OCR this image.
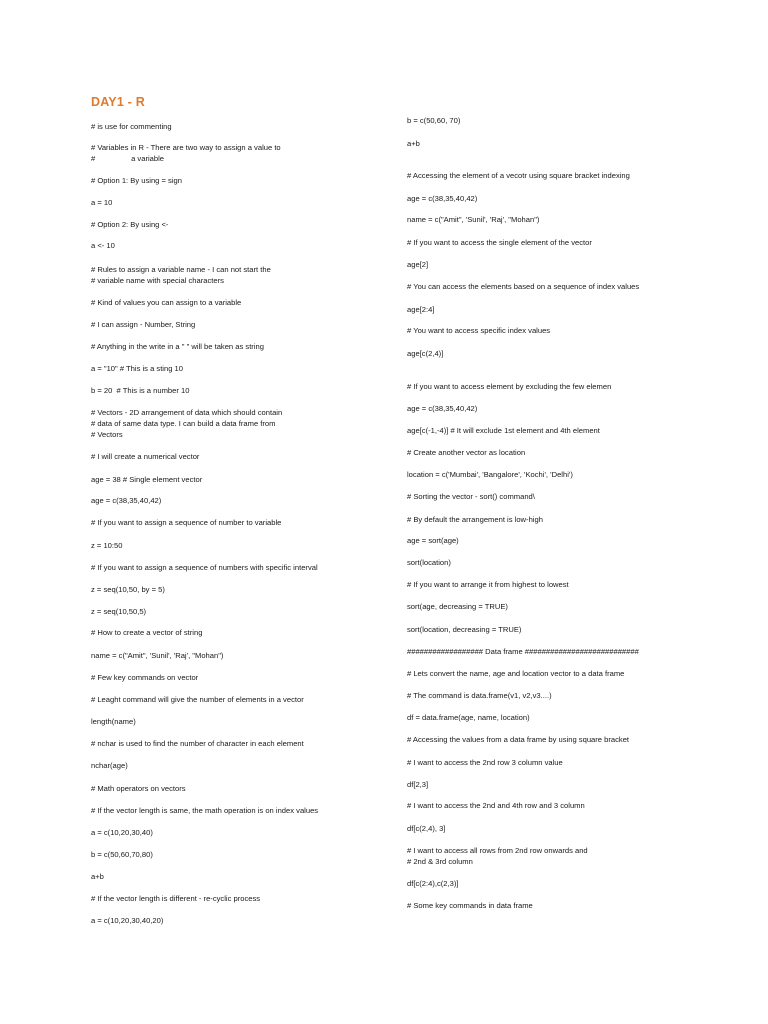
DAY1 - R
# is use for commenting
# Variables in R - There are two way to assign a value to
#                 a variable
# Option 1: By using = sign
a = 10
# Option 2: By using <-
a <- 10
# Rules to assign a variable name - I can not start the
# variable name with special characters
# Kind of values you can assign to a variable
# I can assign - Number, String
# Anything in the write in a " " will be taken as string
a = "10" # This is a sting 10
b = 20  # This is a number 10
# Vectors - 2D arrangement of data which should contain
# data of same data type. I can build a data frame from
# Vectors
# I will create a numerical vector
age = 38 # Single element vector
age = c(38,35,40,42)
# If you want to assign a sequence of number to variable
z = 10:50
# If you want to assign a sequence of numbers with specific interval
z = seq(10,50, by = 5)
z = seq(10,50,5)
# How to create a vector of string
name = c("Amit", 'Sunil', 'Raj', "Mohan")
# Few key commands on vector
# Leaght command will give the number of elements in a vector
length(name)
# nchar is used to find the number of character in each element
nchar(age)
# Math operators on vectors
# If the vector length is same, the math operation is on index values
a = c(10,20,30,40)
b = c(50,60,70,80)
a+b
# If the vector length is different - re-cyclic process
a = c(10,20,30,40,20)
b = c(50,60, 70)
a+b
# Accessing the element of a vecotr using square bracket indexing
age = c(38,35,40,42)
name = c("Amit", 'Sunil', 'Raj', "Mohan")
# If you want to access the single element of the vector
age[2]
# You can access the elements based on a sequence of index values
age[2:4]
# You want to access specific index values
age[c(2,4)]
# If you want to access element by excluding the few elemen
age = c(38,35,40,42)
age[c(-1,-4)] # It will exclude 1st element and 4th element
# Create another vector as location
location = c('Mumbai', 'Bangalore', 'Kochi', 'Delhi')
# Sorting the vector - sort() command\
# By default the arrangement is low-high
age = sort(age)
sort(location)
# If you want to arrange it from highest to lowest
sort(age, decreasing = TRUE)
sort(location, decreasing = TRUE)
################## Data frame ###########################
# Lets convert the name, age and location vector to a data frame
# The command is data.frame(v1, v2,v3....)
df = data.frame(age, name, location)
# Accessing the values from a data frame by using square bracket
# I want to access the 2nd row 3 column value
df[2,3]
# I want to access the 2nd and 4th row and 3 column
df[c(2,4), 3]
# I want to access all rows from 2nd row onwards and
# 2nd & 3rd column
df[c(2:4),c(2,3)]
# Some key commands in data frame
